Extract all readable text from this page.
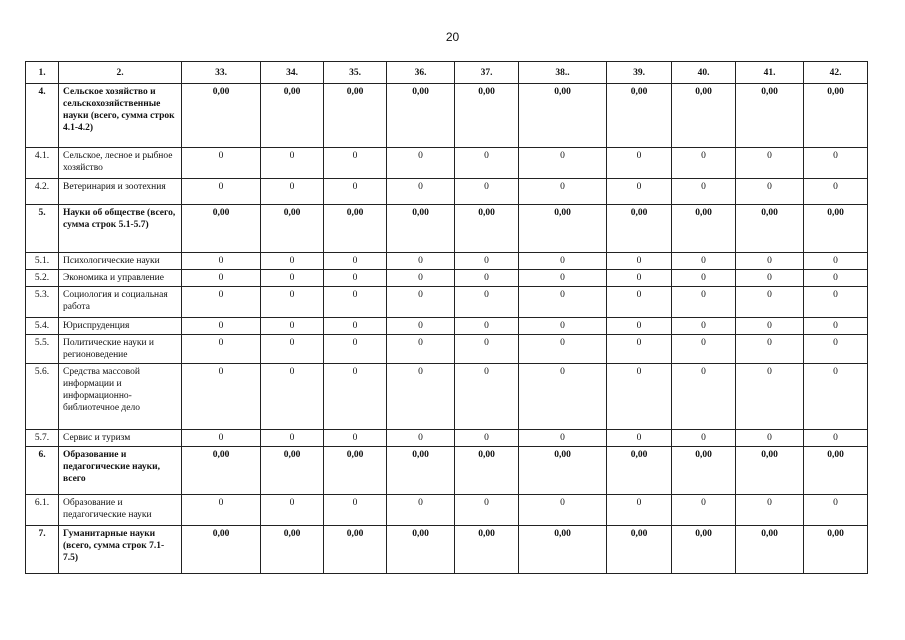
20
1.	2.	33.	34.	35.	36.	37.	38..	39.	40.	41.	42.
4.	Сельское хозяйство и сельскохозяйственные науки (всего, сумма строк 4.1-4.2)	0,00	0,00	0,00	0,00	0,00	0,00	0,00	0,00	0,00	0,00
4.1.	Сельское, лесное и рыбное хозяйство	0	0	0	0	0	0	0	0	0	0
4.2.	Ветеринария и зоотехния	0	0	0	0	0	0	0	0	0	0
5.	Науки об обществе (всего, сумма строк 5.1-5.7)	0,00	0,00	0,00	0,00	0,00	0,00	0,00	0,00	0,00	0,00
5.1.	Психологические науки	0	0	0	0	0	0	0	0	0	0
5.2.	Экономика и управление	0	0	0	0	0	0	0	0	0	0
5.3.	Социология и социальная работа	0	0	0	0	0	0	0	0	0	0
5.4.	Юриспруденция	0	0	0	0	0	0	0	0	0	0
5.5.	Политические науки и регионоведение	0	0	0	0	0	0	0	0	0	0
5.6.	Средства массовой информации и информационно-библиотечное дело	0	0	0	0	0	0	0	0	0	0
5.7.	Сервис и туризм	0	0	0	0	0	0	0	0	0	0
6.	Образование и педагогические науки, всего	0,00	0,00	0,00	0,00	0,00	0,00	0,00	0,00	0,00	0,00
6.1.	Образование и педагогические науки	0	0	0	0	0	0	0	0	0	0
7.	Гуманитарные науки (всего, сумма строк 7.1-7.5)	0,00	0,00	0,00	0,00	0,00	0,00	0,00	0,00	0,00	0,00
